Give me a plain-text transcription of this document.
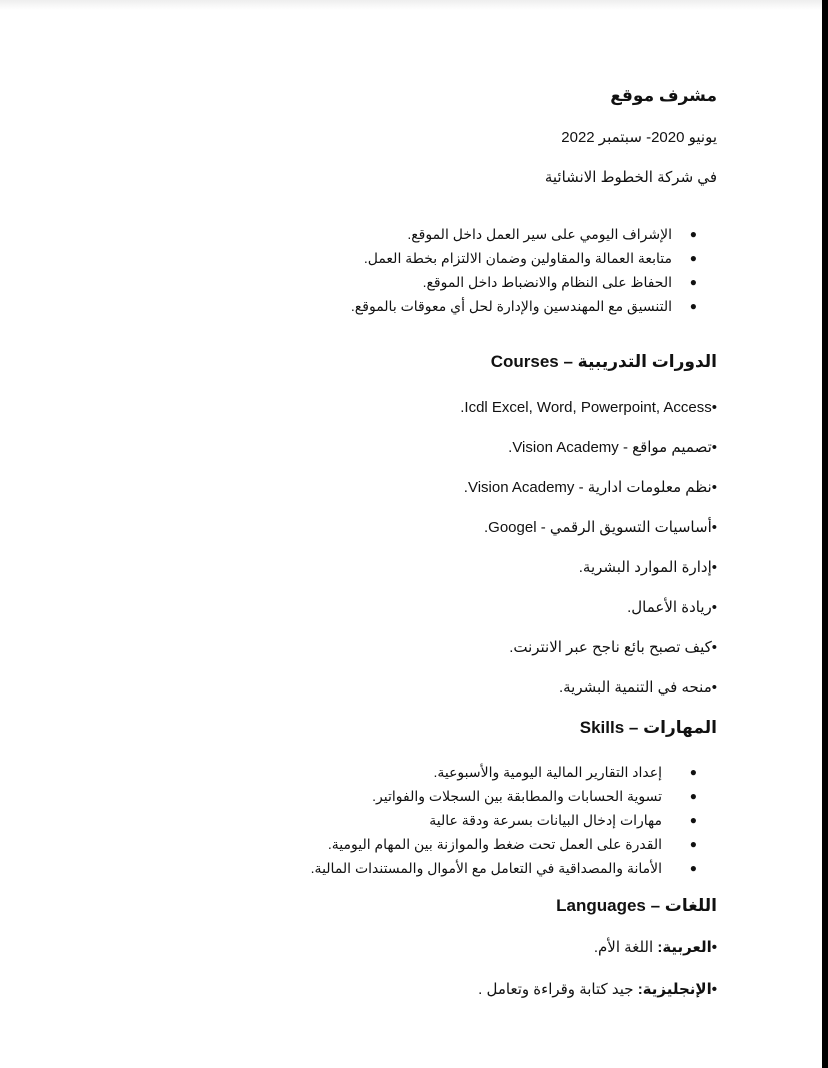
مشرف موقع
يونيو 2020- سبتمبر 2022
في شركة الخطوط الانشائية
●
الإشراف اليومي على سير العمل داخل الموقع.
●
متابعة العمالة والمقاولين وضمان الالتزام بخطة العمل.
●
الحفاظ على النظام والانضباط داخل الموقع.
●
التنسيق مع المهندسين والإدارة لحل أي معوقات بالموقع.
الدورات التدريبية – Courses
•Icdl Excel, Word, Powerpoint, Access.
•تصميم مواقع - Vision Academy.
•نظم معلومات ادارية - Vision Academy.
•أساسيات التسويق الرقمي - Googel.
•إدارة الموارد البشرية.
•ريادة الأعمال.
•كيف تصبح بائع ناجح عبر الانترنت.
•منحه في التنمية البشرية.
المهارات – Skills
●
إعداد التقارير المالية اليومية والأسبوعية.
●
تسوية الحسابات والمطابقة بين السجلات والفواتير.
●
مهارات إدخال البيانات بسرعة ودقة عالية
●
القدرة على العمل تحت ضغط والموازنة بين المهام اليومية.
●
الأمانة والمصداقية في التعامل مع الأموال والمستندات المالية.
اللغات – Languages
•العربية: اللغة الأم.
•الإنجليزية: جيد كتابة وقراءة وتعامل .
